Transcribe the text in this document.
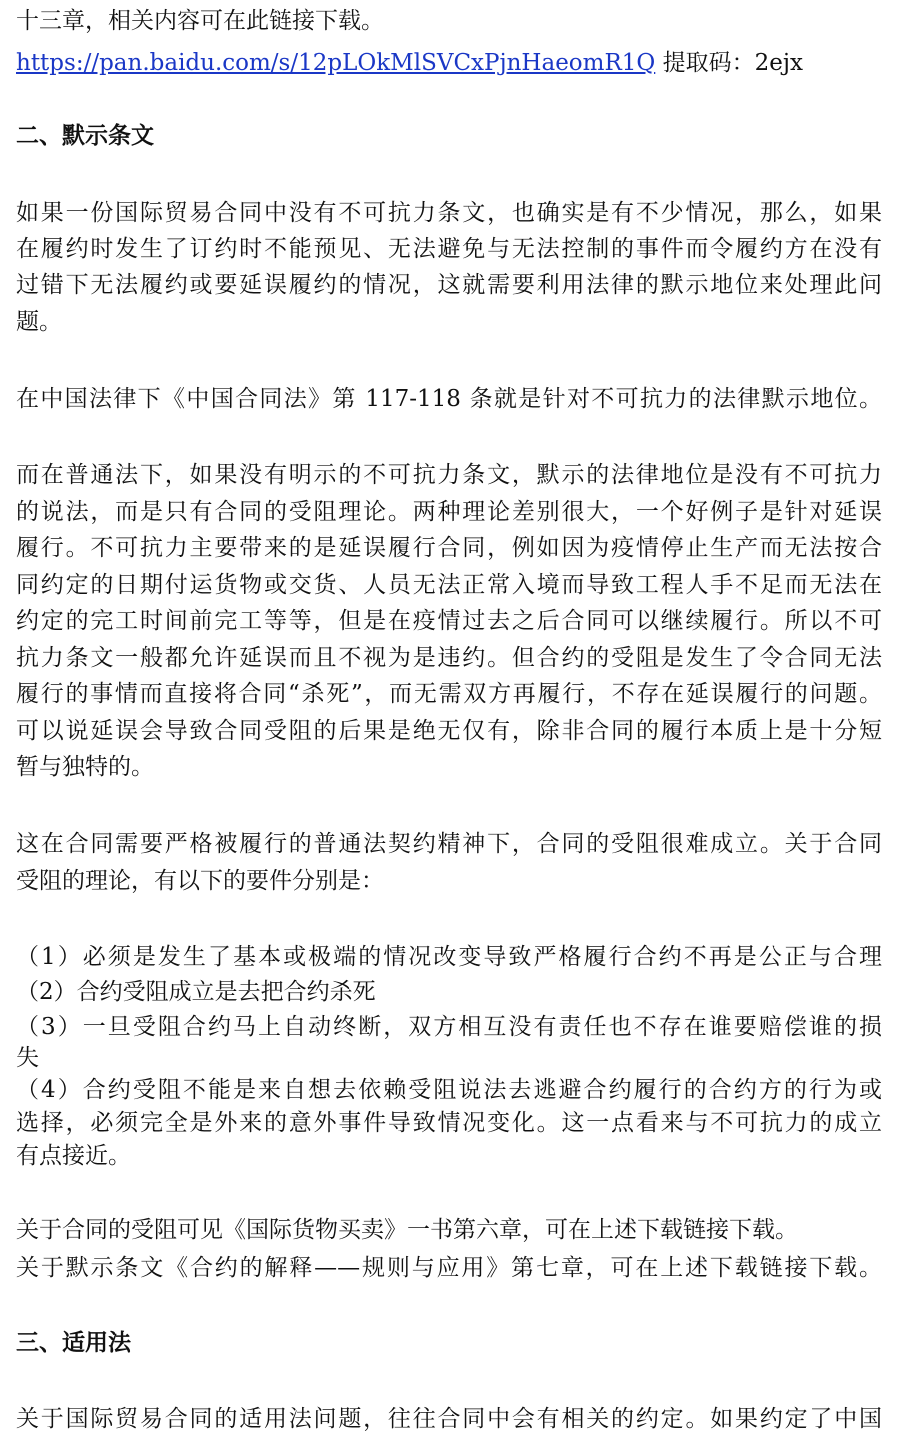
十三章，相关内容可在此链接下载。
https://pan.baidu.com/s/12pLOkMlSVCxPjnHaeomR1Q 提取码：2ejx
二、默示条文
如果一份国际贸易合同中没有不可抗力条文，也确实是有不少情况，那么，如果
在履约时发生了订约时不能预见、无法避免与无法控制的事件而令履约方在没有
过错下无法履约或要延误履约的情况，这就需要利用法律的默示地位来处理此问
题。
在中国法律下《中国合同法》第 117-118 条就是针对不可抗力的法律默示地位。
而在普通法下，如果没有明示的不可抗力条文，默示的法律地位是没有不可抗力
的说法，而是只有合同的受阻理论。两种理论差别很大，一个好例子是针对延误
履行。不可抗力主要带来的是延误履行合同，例如因为疫情停止生产而无法按合
同约定的日期付运货物或交货、人员无法正常入境而导致工程人手不足而无法在
约定的完工时间前完工等等，但是在疫情过去之后合同可以继续履行。所以不可
抗力条文一般都允许延误而且不视为是违约。但合约的受阻是发生了令合同无法
履行的事情而直接将合同“杀死”，而无需双方再履行，不存在延误履行的问题。
可以说延误会导致合同受阻的后果是绝无仅有，除非合同的履行本质上是十分短
暂与独特的。
这在合同需要严格被履行的普通法契约精神下，合同的受阻很难成立。关于合同
受阻的理论，有以下的要件分别是：
（1）必须是发生了基本或极端的情况改变导致严格履行合约不再是公正与合理
（2）合约受阻成立是去把合约杀死
（3）一旦受阻合约马上自动终断，双方相互没有责任也不存在谁要赔偿谁的损
失
（4）合约受阻不能是来自想去依赖受阻说法去逃避合约履行的合约方的行为或
选择，必须完全是外来的意外事件导致情况变化。这一点看来与不可抗力的成立
有点接近。
关于合同的受阻可见《国际货物买卖》一书第六章，可在上述下载链接下载。
关于默示条文《合约的解释——规则与应用》第七章，可在上述下载链接下载。
三、适用法
关于国际贸易合同的适用法问题，往往合同中会有相关的约定。如果约定了中国
